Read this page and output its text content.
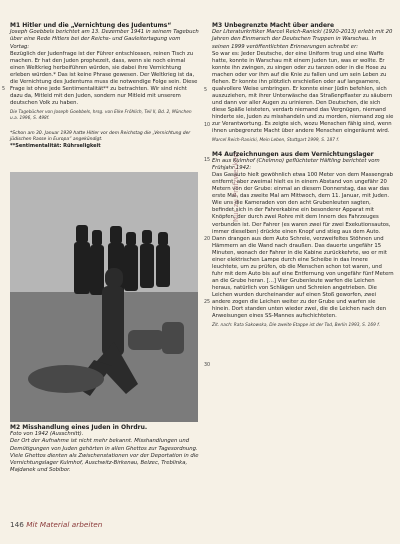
M1 Hitler und die „Vernichtung des Judentums“
Joseph Goebbels berichtet am 13. Dezember 1941 in seinem Tagebuch über eine Rede Hitlers bei der Reichs- und Gauleitertagung vom Vortag:

Bezüglich der Judenfrage ist der Führer entschlossen, reinen Tisch zu machen. Er hat den Juden prophezeit, dass, wenn sie noch einmal einen Weltkrieg herbeiführen würden, sie dabei ihre Vernichtung erleben würden.* Das ist keine Phrase gewesen. Der Weltkrieg ist da, die Vernichtung des Judentums muss die notwendige Folge sein. Diese Frage ist ohne jede Sentimentalität** zu betrachten. Wir sind nicht dazu da, Mitleid mit den Juden, sondern nur Mitleid mit unserem deutschen Volk zu haben.

5
Die Tagebücher von Joseph Goebbels, hrsg. von Elke Fröhlich, Teil II, Bd. 2, München u.a. 1996, S. 498f.
*Schon am 30. Januar 1939 hatte Hitler vor dem Reichstag die „Vernichtung der jüdischen Rasse in Europa“ angekündigt.
**Sentimentalität: Rührseligkeit
M2 Misshandlung eines Juden in Ohrdru.
Foto von 1942 (Ausschnitt).
Der Ort der Aufnahme ist nicht mehr bekannt. Misshandlungen und Demütigungen von Juden gehörten in allen Ghettos zur Tagesordnung. Viele Ghettos dienten als Zwischenstationen vor der Deportation in die Vernichtungslager Kulmhof, Auschwitz-Birkenau, Belzec, Treblinka, Majdanek und Sobibor.
M3 Unbegrenzte Macht über andere
Der Literaturkritiker Marcel Reich-Ranicki (1920-2013) erlebt mit 20 Jahren den Einmarsch der Deutschen Truppen in Warschau. In seinen 1999 veröffentlichten Erinnerungen schreibt er:

So war es: Jeder Deutsche, der eine Uniform trug und eine Waffe hatte, konnte in Warschau mit einem Juden tun, was er wollte. Er konnte ihn zwingen, zu singen oder zu tanzen oder in die Hose zu machen oder vor ihm auf die Knie zu fallen und um sein Leben zu flehen. Er konnte ihn plötzlich erschießen oder auf langsamere, qualvollere Weise umbringen. Er konnte einer Jüdin befehlen, sich auszuziehen, mit ihrer Unterwäsche das Straßenpflaster zu säubern und dann vor aller Augen zu urinieren. Den Deutschen, die sich diese Späße leisteten, verdarb niemand das Vergnügen, niemand hinderte sie, Juden zu misshandeln und zu morden, niemand zog sie zur Verantwortung. Es zeigte sich, wozu Menschen fähig sind, wenn ihnen unbegrenzte Macht über andere Menschen eingeräumt wird.

5
10
15
Marcel Reich-Ranicki, Mein Leben, Stuttgart 1999, S. 187 f.
M4 Aufzeichnungen aus dem Vernichtungslager
Ein aus Kulmhof (Chelmno) geflüchteter Häftling berichtet vom Frühjahr 1942:

Das Gasauto hielt gewöhnlich etwa 100 Meter von dem Massengrab entfernt, aber zweimal hielt es in einem Abstand von ungefähr 20 Metern von der Grube: einmal an diesem Donnerstag, das war das erste Mal, das zweite Mal am Mittwoch, dem 11. Januar, mit Juden. Wie uns die Kameraden von den acht Grubenleuten sagten, befindet sich in der Fahrerkabine ein besonderer Apparat mit Knöpfen, der durch zwei Rohre mit dem Innern des Fahrzeuges verbunden ist. Der Fahrer (es waren zwei für zwei Exekutionsautos, immer dieselben) drückte einen Knopf und stieg aus dem Auto. Dann drangen aus dem Auto Schreie, verzweifeltes Stöhnen und Hämmern an die Wand nach draußen. Das dauerte ungefähr 15 Minuten, wonach der Fahrer in die Kabine zurückkehrte, wo er mit einer elektrischen Lampe durch eine Scheibe in das Innere leuchtete, um zu prüfen, ob die Menschen schon tot waren, und fuhr mit dem Auto bis auf eine Entfernung von ungefähr fünf Metern an die Grube heran. [...] Vier Grubenleute warfen die Leichen heraus, natürlich von Schlägen und Schreien angetrieben. Die Leichen wurden durcheinander auf einen Stoß geworfen, zwei andere zogen die Leichen weiter zu der Grube und warfen sie hinein. Dort standen unten wieder zwei, die die Leichen nach den Anweisungen eines SS-Mannes aufschichteten.

20
25
30
Zit. nach: Rata Sakowska, Die zweite Etappe ist der Tod, Berlin 1993, S. 169 f.
Nur zu Prüfzwecken
146 Mit Material arbeiten
